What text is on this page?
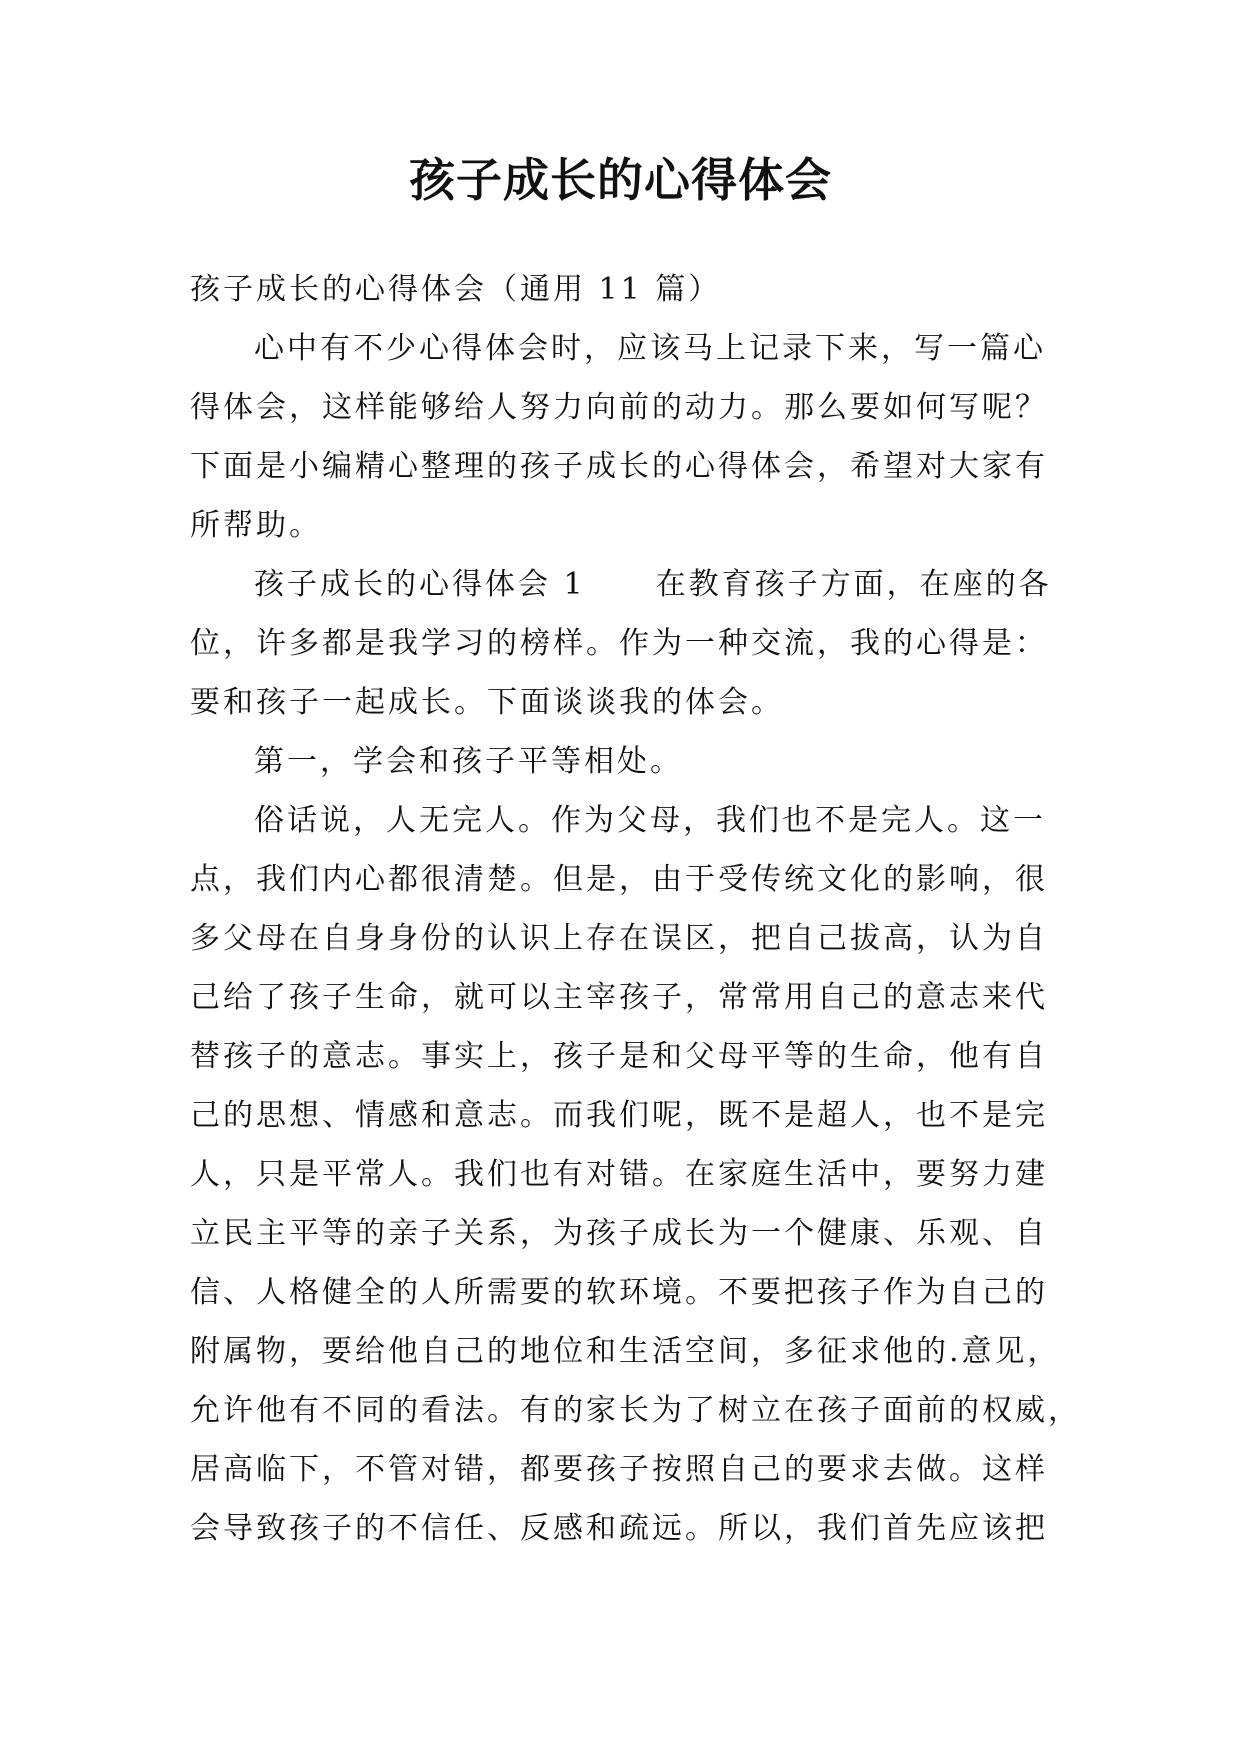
孩子成长的心得体会
孩子成长的心得体会（通用 11 篇）
心中有不少心得体会时，应该马上记录下来，写一篇心
得体会，这样能够给人努力向前的动力。那么要如何写呢？
下面是小编精心整理的孩子成长的心得体会，希望对大家有
所帮助。
孩子成长的心得体会 1 在教育孩子方面，在座的各
位，许多都是我学习的榜样。作为一种交流，我的心得是：
要和孩子一起成长。下面谈谈我的体会。
第一，学会和孩子平等相处。
俗话说，人无完人。作为父母，我们也不是完人。这一
点，我们内心都很清楚。但是，由于受传统文化的影响，很
多父母在自身身份的认识上存在误区，把自己拔高，认为自
己给了孩子生命，就可以主宰孩子，常常用自己的意志来代
替孩子的意志。事实上，孩子是和父母平等的生命，他有自
己的思想、情感和意志。而我们呢，既不是超人，也不是完
人，只是平常人。我们也有对错。在家庭生活中，要努力建
立民主平等的亲子关系，为孩子成长为一个健康、乐观、自
信、人格健全的人所需要的软环境。不要把孩子作为自己的
附属物，要给他自己的地位和生活空间，多征求他的.意见，
允许他有不同的看法。有的家长为了树立在孩子面前的权威，
居高临下，不管对错，都要孩子按照自己的要求去做。这样
会导致孩子的不信任、反感和疏远。所以，我们首先应该把
